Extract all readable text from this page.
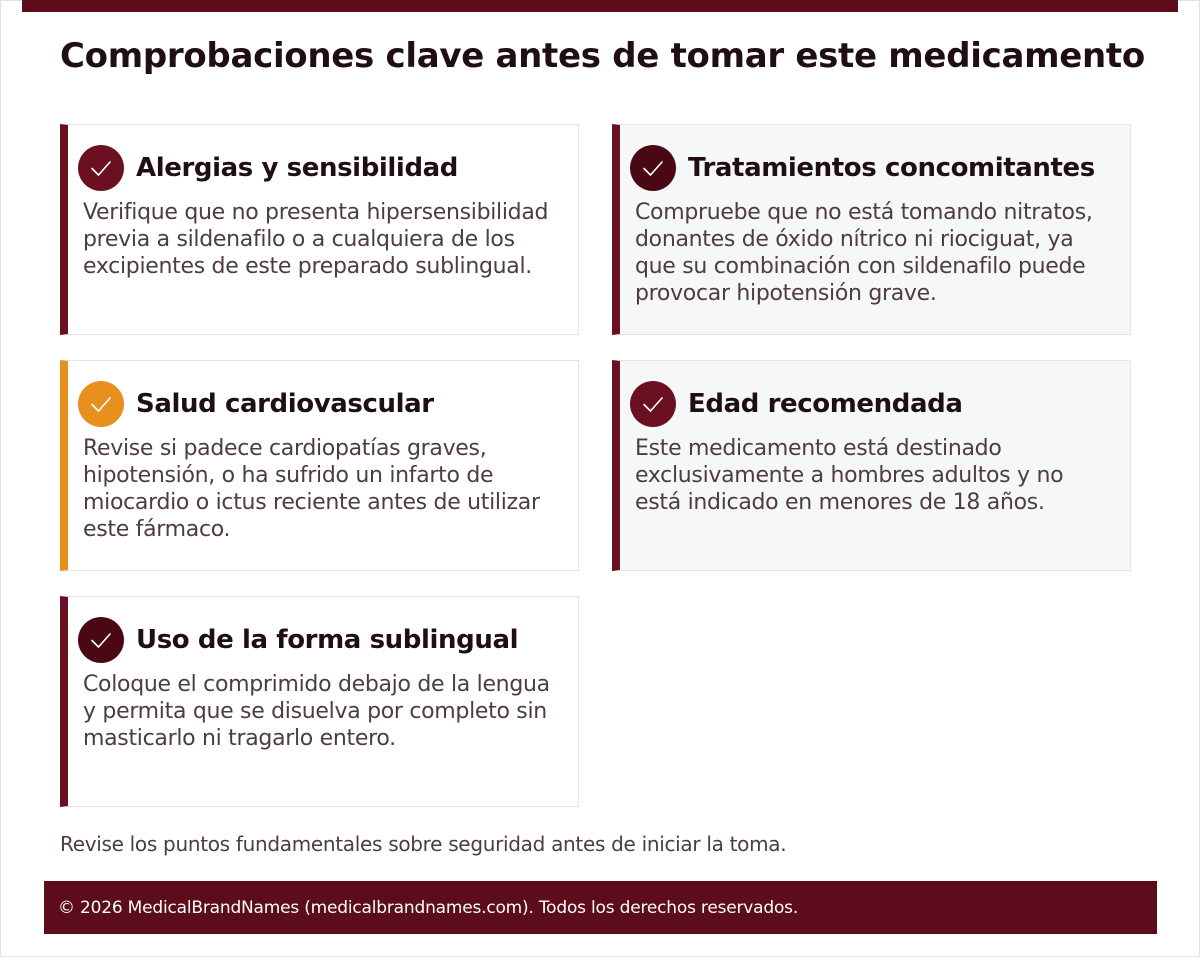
Comprobaciones clave antes de tomar este medicamento
Alergias y sensibilidad

Verifique que no presenta hipersensibilidad previa a sildenafilo o a cualquiera de los excipientes de este preparado sublingual.

Tratamientos concomitantes

Compruebe que no está tomando nitratos, donantes de óxido nítrico ni riociguat, ya que su combinación con sildenafilo puede provocar hipotensión grave.

Salud cardiovascular

Revise si padece cardiopatías graves, hipotensión, o ha sufrido un infarto de miocardio o ictus reciente antes de utilizar este fármaco.

Edad recomendada

Este medicamento está destinado exclusivamente a hombres adultos y no está indicado en menores de 18 años.

Uso de la forma sublingual

Coloque el comprimido debajo de la lengua y permita que se disuelva por completo sin masticarlo ni tragarlo entero.

Revise los puntos fundamentales sobre seguridad antes de iniciar la toma.

© 2026 MedicalBrandNames (medicalbrandnames.com). Todos los derechos reservados.
